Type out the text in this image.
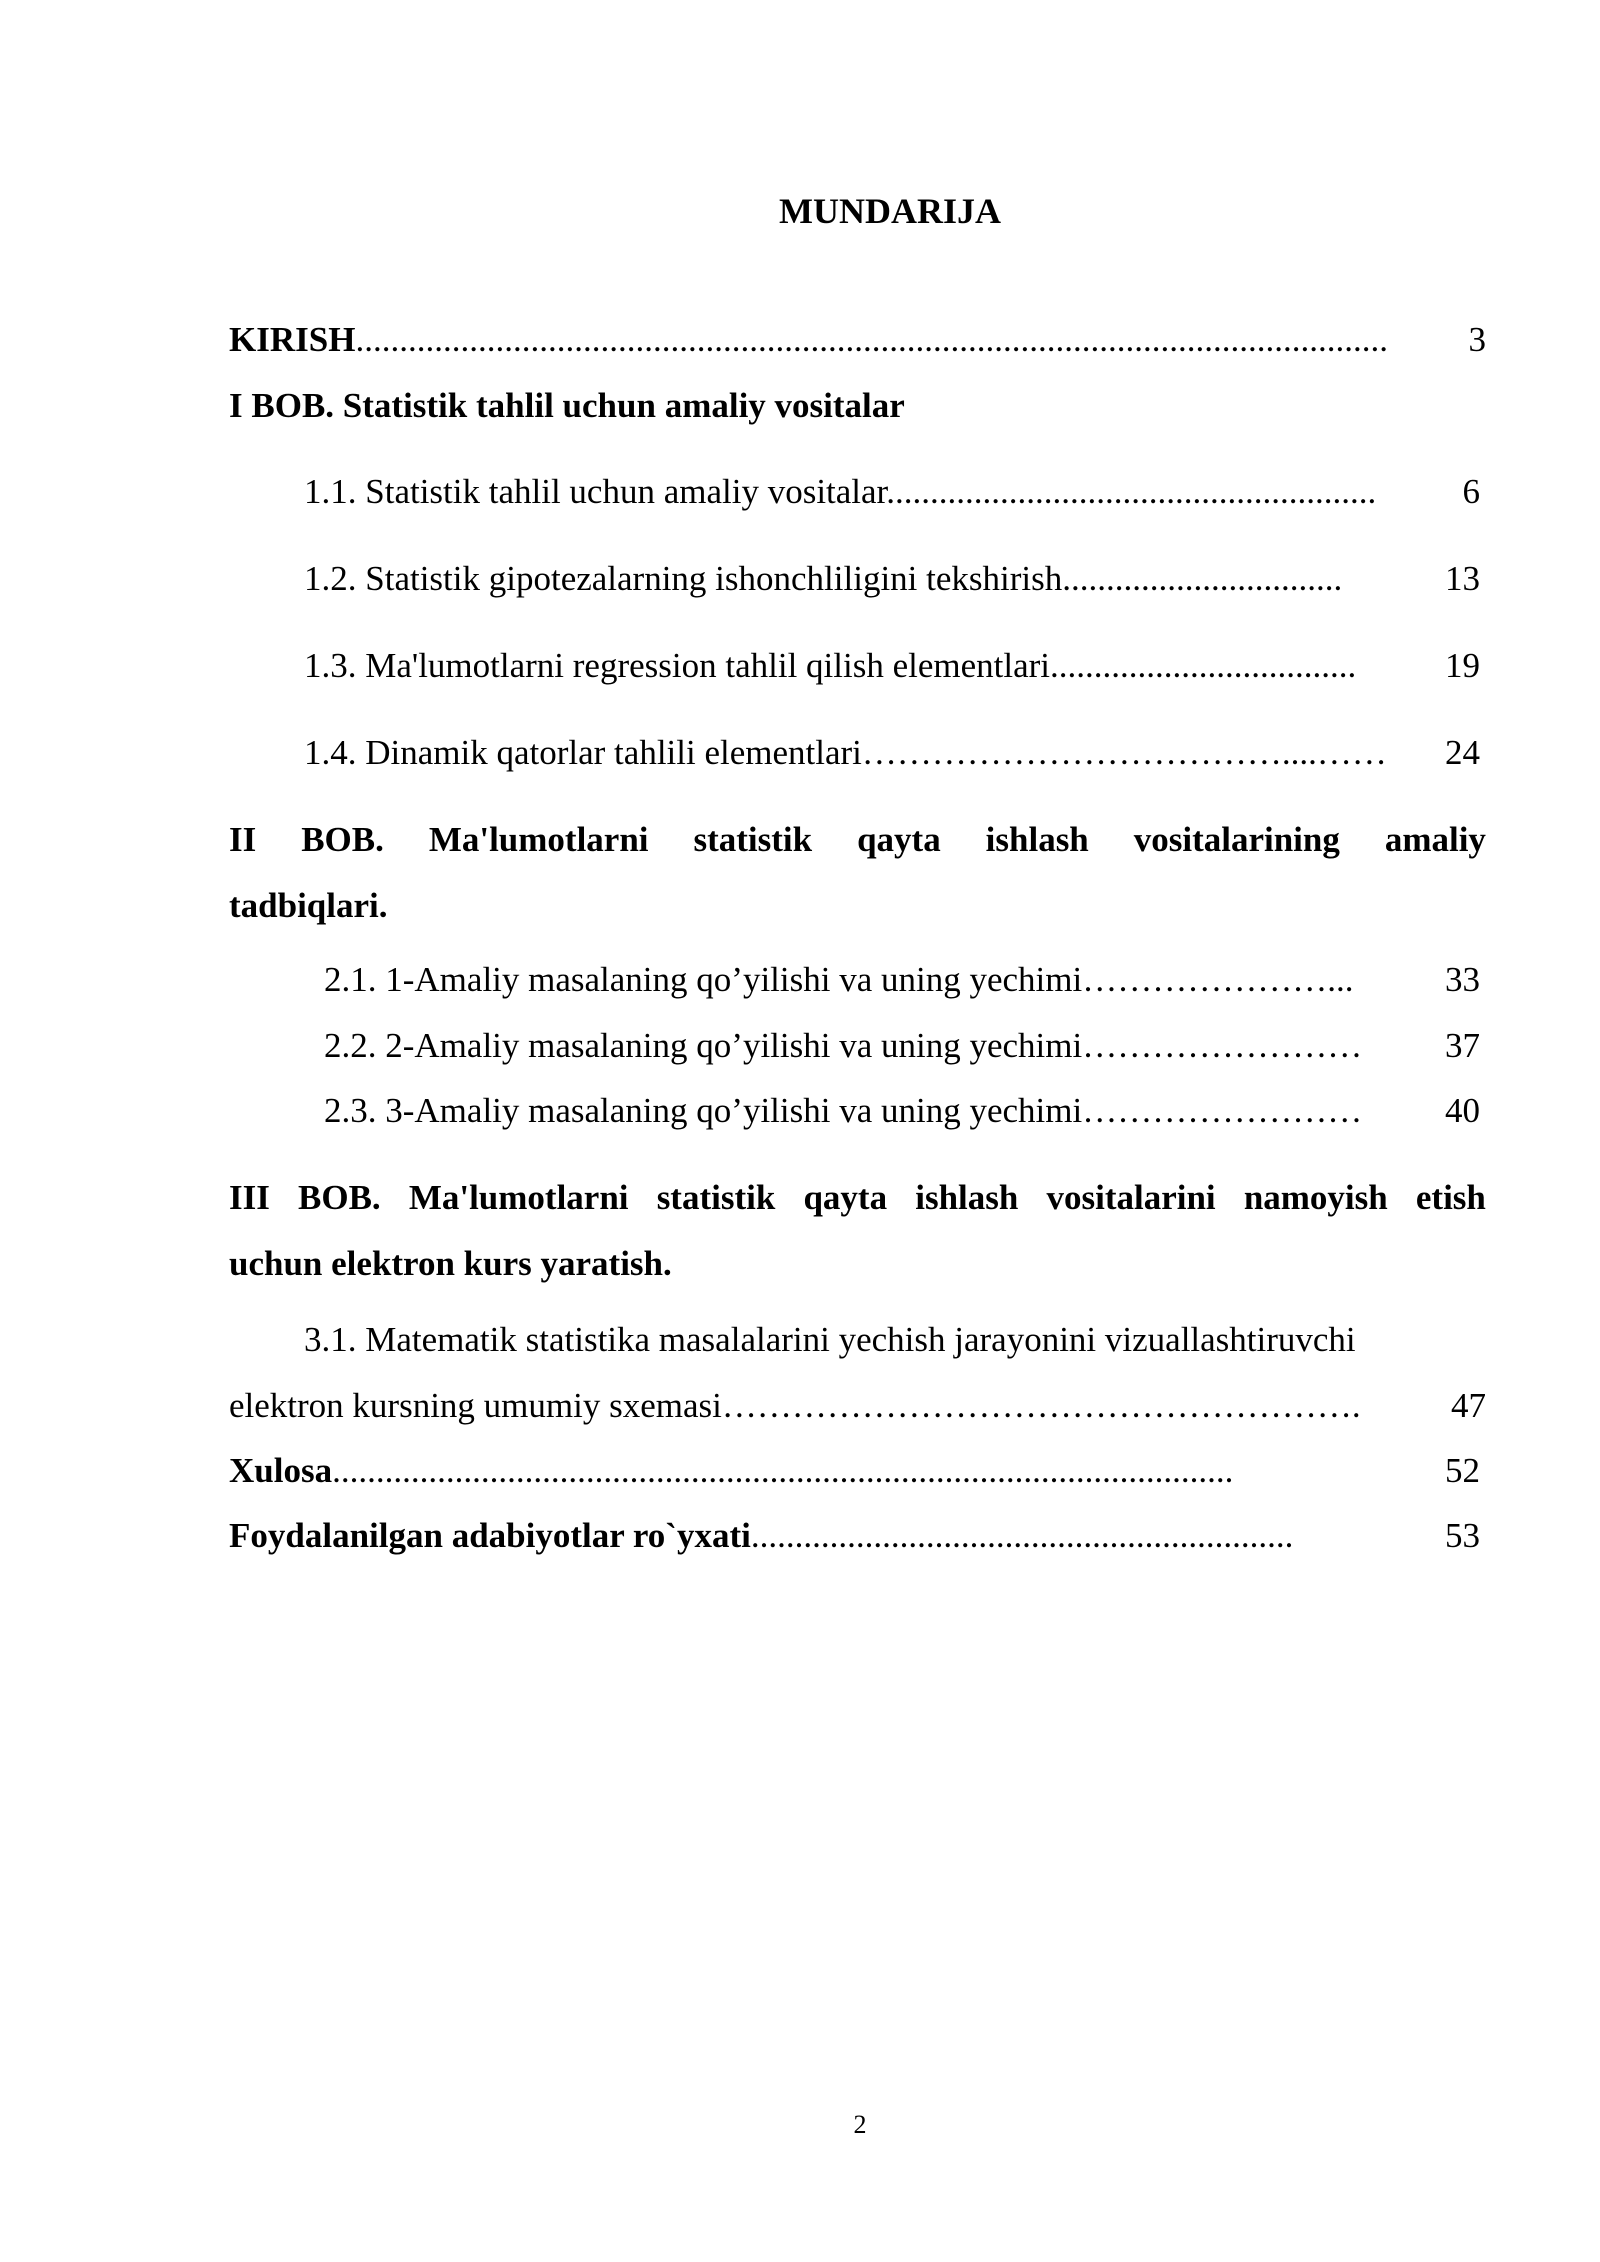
MUNDARIJA
KIRISH ......................................................................................................................	3
I BOB. Statistik tahlil uchun amaliy vositalar
1.1. Statistik tahlil uchun amaliy vositalar. .......................................................	6
1.2. Statistik gipotezalarning ishonchliligini tekshirish. ...............................	13
1.3. Ma'lumotlarni regression tahlil qilish elementlari. ..................................	19
1.4. Dinamik qatorlar tahlili elementlari ………………………………....……	24
II BOB. Ma'lumotlarni statistik qayta ishlash vositalarining amaliy
tadbiqlari.
2.1. 1-Amaliy masalaning qo’yilishi va uning yechimi …………………...	33
2.2. 2-Amaliy masalaning qo’yilishi va uning yechimi ……………………	37
2.3. 3-Amaliy masalaning qo’yilishi va uning yechimi ……………………	40
III BOB. Ma'lumotlarni statistik qayta ishlash vositalarini namoyish etish
uchun elektron kurs yaratish.
3.1. Matematik statistika masalalarini yechish jarayonini vizuallashtiruvchi
elektron kursning umumiy sxemasi ……………………………………………….	47
Xulosa .......................................................................................................	52
Foydalanilgan adabiyotlar ro`yxati ..............................................................	53
2
